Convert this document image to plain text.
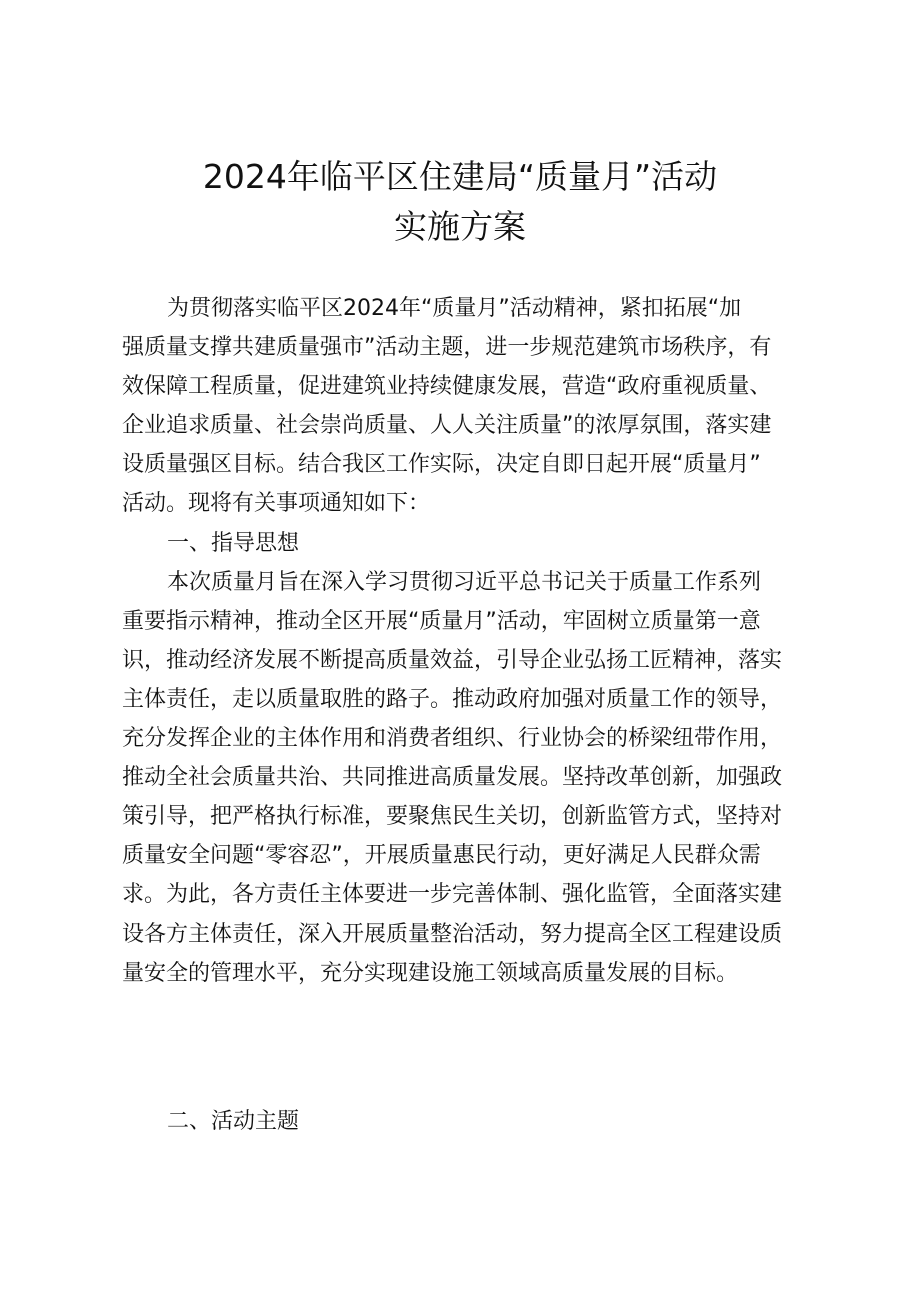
2024年临平区住建局“质量月”活动
实施方案
为贯彻落实临平区2024年“质量月”活动精神，紧扣拓展“加
强质量支撑共建质量强市”活动主题，进一步规范建筑市场秩序，有
效保障工程质量，促进建筑业持续健康发展，营造“政府重视质量、
企业追求质量、社会崇尚质量、人人关注质量”的浓厚氛围，落实建
设质量强区目标。结合我区工作实际，决定自即日起开展“质量月”
活动。现将有关事项通知如下：
一、指导思想
本次质量月旨在深入学习贯彻习近平总书记关于质量工作系列
重要指示精神，推动全区开展“质量月”活动，牢固树立质量第一意
识，推动经济发展不断提高质量效益，引导企业弘扬工匠精神，落实
主体责任，走以质量取胜的路子。推动政府加强对质量工作的领导，
充分发挥企业的主体作用和消费者组织、行业协会的桥梁纽带作用，
推动全社会质量共治、共同推进高质量发展。坚持改革创新，加强政
策引导，把严格执行标准，要聚焦民生关切，创新监管方式，坚持对
质量安全问题“零容忍”，开展质量惠民行动，更好满足人民群众需
求。为此，各方责任主体要进一步完善体制、强化监管，全面落实建
设各方主体责任，深入开展质量整治活动，努力提高全区工程建设质
量安全的管理水平，充分实现建设施工领域高质量发展的目标。
二、活动主题
